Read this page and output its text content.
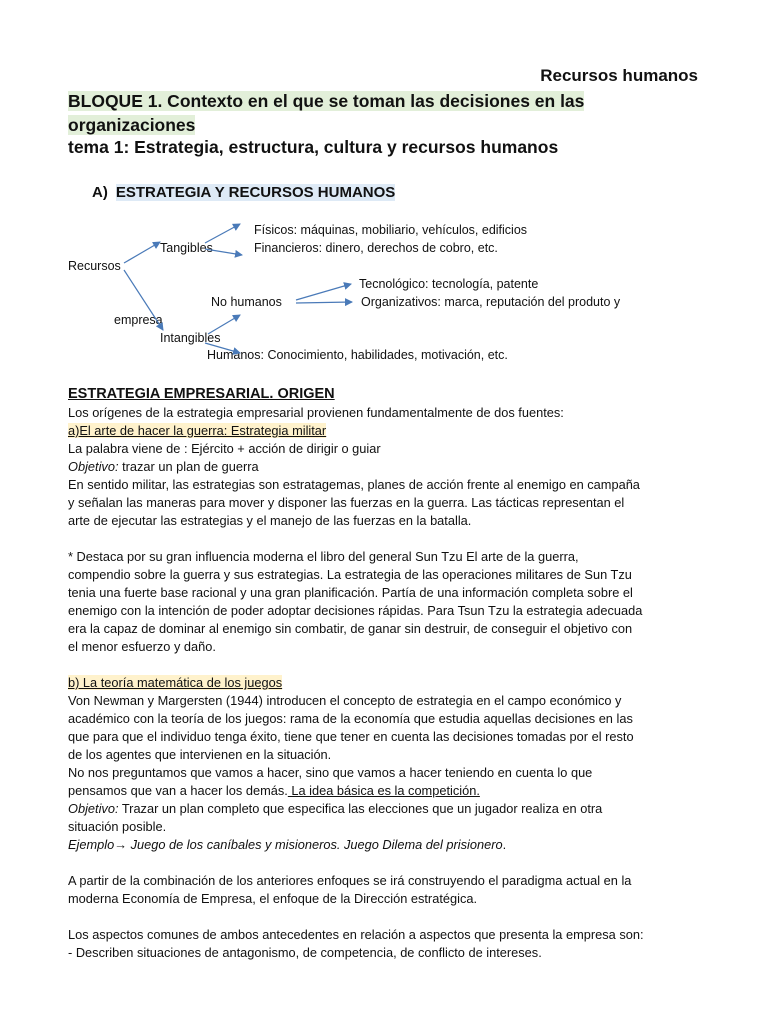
Recursos humanos
BLOQUE 1. Contexto en el que se toman las decisiones en las organizaciones
tema 1: Estrategia, estructura, cultura y recursos humanos
A) ESTRATEGIA Y RECURSOS HUMANOS
Físicos: máquinas, mobiliario, vehículos, edificios
Tangibles	Financieros: dinero, derechos de cobro, etc.
Recursos
Tecnológico: tecnología, patente
No humanos	Organizativos: marca, reputación del produto y
empresa
Intangibles
Humanos: Conocimiento, habilidades, motivación, etc.

ESTRATEGIA EMPRESARIAL. ORIGEN

Los orígenes de la estrategia empresarial provienen fundamentalmente de dos fuentes:

a)El arte de hacer la guerra: Estrategia militar

La palabra viene de : Ejército + acción de dirigir o guiar

Objetivo: trazar un plan de guerra

En sentido militar, las estrategias son estratagemas, planes de acción frente al enemigo en campaña

y señalan las maneras para mover y disponer las fuerzas en la guerra. Las tácticas representan el

arte de ejecutar las estrategias y el manejo de las fuerzas en la batalla.

* Destaca por su gran influencia moderna el libro del general Sun Tzu El arte de la guerra,

compendio sobre la guerra y sus estrategias. La estrategia de las operaciones militares de Sun Tzu

tenia una fuerte base racional y una gran planificación. Partía de una información completa sobre el

enemigo con la intención de poder adoptar decisiones rápidas. Para Tsun Tzu la estrategia adecuada

era la capaz de dominar al enemigo sin combatir, de ganar sin destruir, de conseguir el objetivo con

el menor esfuerzo y daño.

b) La teoría matemática de los juegos

Von Newman y Margersten (1944) introducen el concepto de estrategia en el campo económico y

académico con la teoría de los juegos: rama de la economía que estudia aquellas decisiones en las

que para que el individuo tenga éxito, tiene que tener en cuenta las decisiones tomadas por el resto

de los agentes que intervienen en la situación.

No nos preguntamos que vamos a hacer, sino que vamos a hacer teniendo en cuenta lo que

pensamos que van a hacer los demás. La idea básica es la competición.

Objetivo: Trazar un plan completo que especifica las elecciones que un jugador realiza en otra

situación posible.

Ejemplo→ Juego de los caníbales y misioneros. Juego Dilema del prisionero.

A partir de la combinación de los anteriores enfoques se irá construyendo el paradigma actual en la

moderna Economía de Empresa, el enfoque de la Dirección estratégica.

Los aspectos comunes de ambos antecedentes en relación a aspectos que presenta la empresa son:

- Describen situaciones de antagonismo, de competencia, de conflicto de intereses.
